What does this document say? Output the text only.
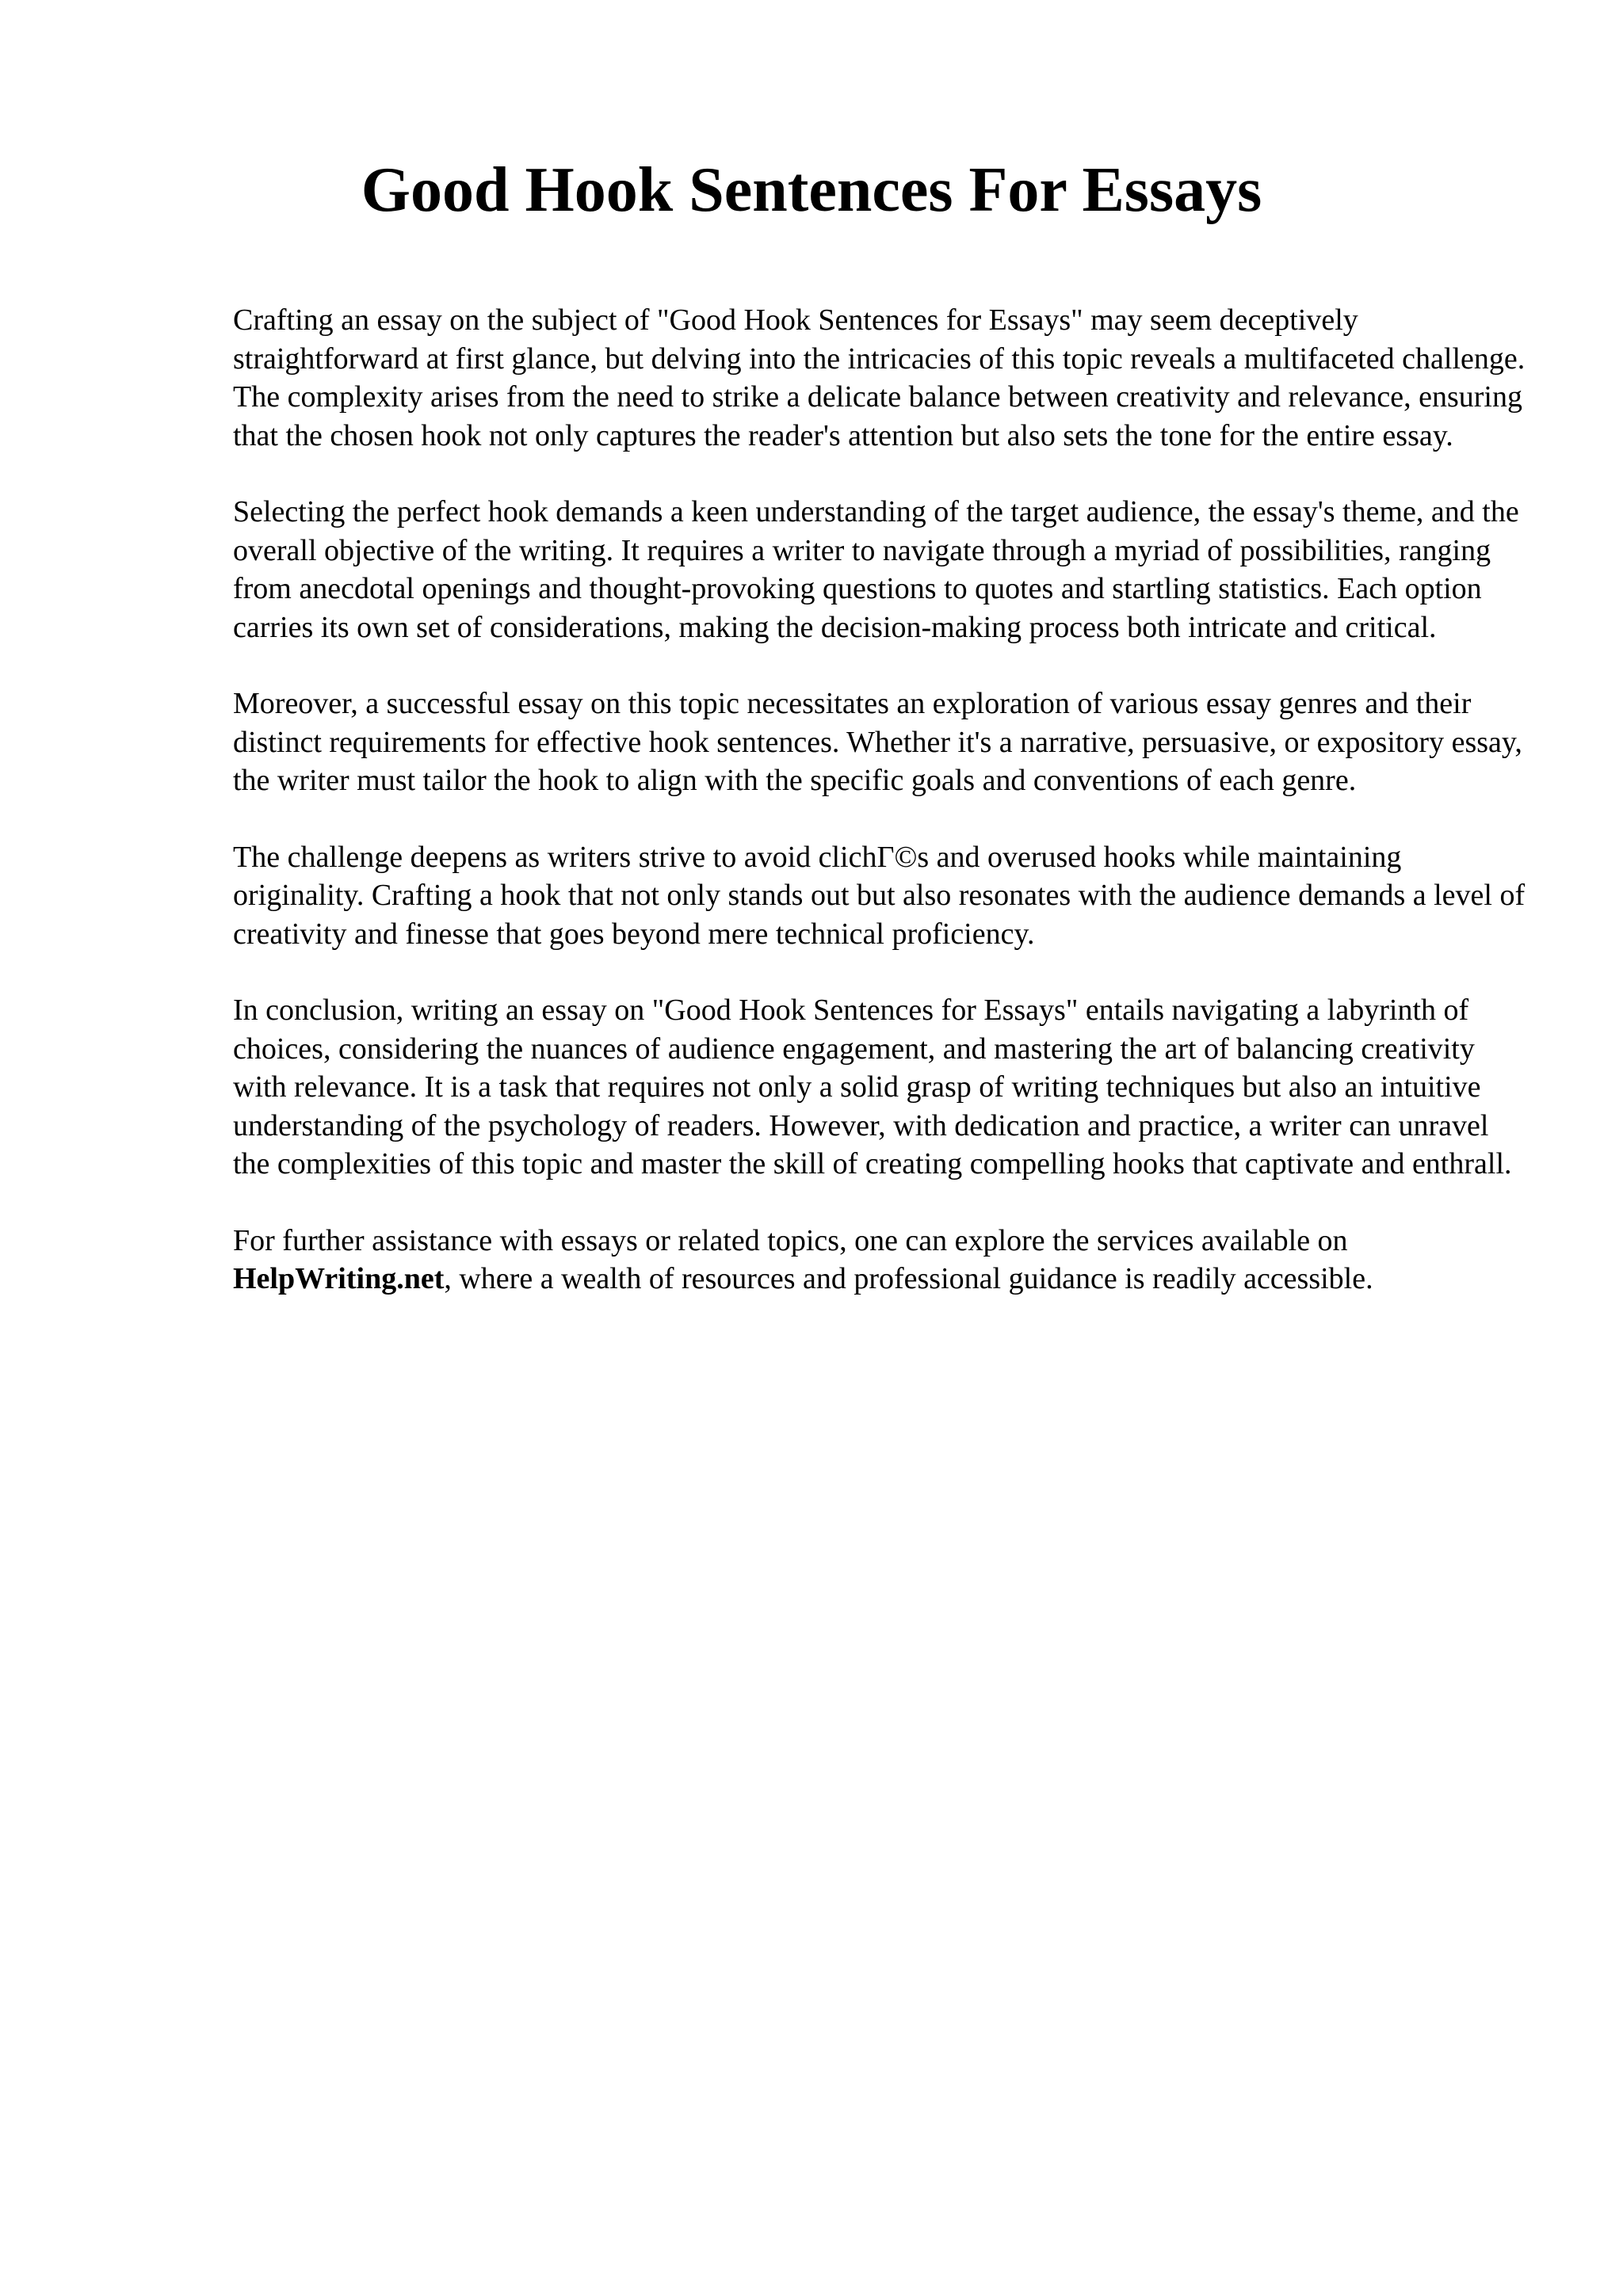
Good Hook Sentences For Essays

Crafting an essay on the subject of "Good Hook Sentences for Essays" may seem deceptively straightforward at first glance, but delving into the intricacies of this topic reveals a multifaceted challenge. The complexity arises from the need to strike a delicate balance between creativity and relevance, ensuring that the chosen hook not only captures the reader's attention but also sets the tone for the entire essay.

Selecting the perfect hook demands a keen understanding of the target audience, the essay's theme, and the overall objective of the writing. It requires a writer to navigate through a myriad of possibilities, ranging from anecdotal openings and thought-provoking questions to quotes and startling statistics. Each option carries its own set of considerations, making the decision-making process both intricate and critical.

Moreover, a successful essay on this topic necessitates an exploration of various essay genres and their distinct requirements for effective hook sentences. Whether it's a narrative, persuasive, or expository essay, the writer must tailor the hook to align with the specific goals and conventions of each genre.

The challenge deepens as writers strive to avoid clichΓ©s and overused hooks while maintaining originality. Crafting a hook that not only stands out but also resonates with the audience demands a level of creativity and finesse that goes beyond mere technical proficiency.

In conclusion, writing an essay on "Good Hook Sentences for Essays" entails navigating a labyrinth of choices, considering the nuances of audience engagement, and mastering the art of balancing creativity with relevance. It is a task that requires not only a solid grasp of writing techniques but also an intuitive understanding of the psychology of readers. However, with dedication and practice, a writer can unravel the complexities of this topic and master the skill of creating compelling hooks that captivate and enthrall.

For further assistance with essays or related topics, one can explore the services available on HelpWriting.net, where a wealth of resources and professional guidance is readily accessible.
